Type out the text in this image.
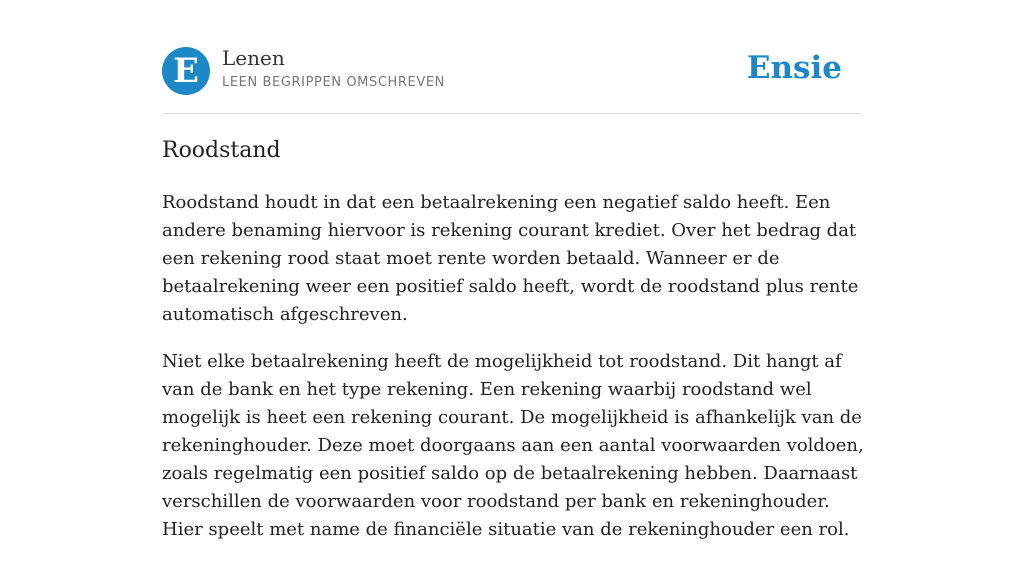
E	Lenen
LEEN BEGRIPPEN OMSCHREVEN	Ensie
Roodstand

Roodstand houdt in dat een betaalrekening een negatief saldo heeft. Een andere benaming hiervoor is rekening courant krediet. Over het bedrag dat een rekening rood staat moet rente worden betaald. Wanneer er de betaalrekening weer een positief saldo heeft, wordt de roodstand plus rente automatisch afgeschreven.

Niet elke betaalrekening heeft de mogelijkheid tot roodstand. Dit hangt af van de bank en het type rekening. Een rekening waarbij roodstand wel mogelijk is heet een rekening courant. De mogelijkheid is afhankelijk van de rekeninghouder. Deze moet doorgaans aan een aantal voorwaarden voldoen, zoals regelmatig een positief saldo op de betaalrekening hebben. Daarnaast verschillen de voorwaarden voor roodstand per bank en rekeninghouder. Hier speelt met name de financiële situatie van de rekeninghouder een rol.
